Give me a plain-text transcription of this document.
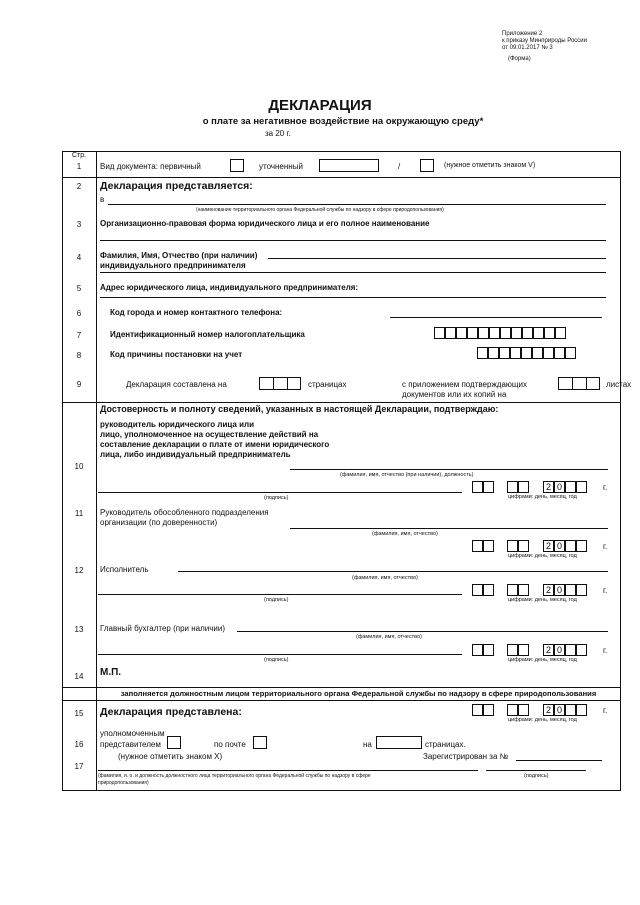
Приложение 2
к приказу Минприроды России
от 09.01.2017 № 3
(Форма)
ДЕКЛАРАЦИЯ
о плате за негативное воздействие на окружающую среду*
за 20 г.
Стр.
1	Вид документа: первичный	уточненный	/	(нужное отметить знаком V)
2	Декларация представляется:
в
(наименование территориального органа Федеральной службы по надзору в сфере природопользования)
3	Организационно-правовая форма юридического лица и его полное наименование
4	Фамилия, Имя, Отчество (при наличии)
индивидуального предпринимателя
5	Адрес юридического лица, индивидуального предпринимателя:
6	Код города и номер контактного телефона:
7	Идентификационный номер налогоплательщика
8	Код причины постановки на учет
9	Декларация составлена на	страницах	с приложением подтверждающих
документов или их копий на
листах
10
Достоверность и полноту сведений, указанных в настоящей Декларации, подтверждаю:
руководитель юридического лица или
лицо, уполномоченное на осуществление действий на
составление декларации о плате от имени юридического
лица, либо индивидуальный предприниматель
(фамилия, имя, отчество (при наличии), должность)
(подпись)
2 0	г.
цифрами: день, месяц, год
11	Руководитель обособленного подразделения
организации (по доверенности)
(фамилия, имя, отчество)
2 0	г.
цифрами: день, месяц, год
12	Исполнитель
(фамилия, имя, отчество)
(подпись)
2 0	г.
цифрами: день, месяц, год
13	Главный бухгалтер (при наличии)
(фамилия, имя, отчество)
(подпись)
2 0	г.
цифрами: день, месяц, год
14	М.П.
заполняется должностным лицом территориального органа Федеральной службы по надзору в сфере природопользования
15	Декларация представлена:	2 0	г.
цифрами: день, месяц, год
16
уполномоченным
представителем	по почте	на	страницах.
(нужное отметить знаком Х)	Зарегистрирован за №
17
(фамилия, и. о. и должность должностного лица территориального органа Федеральной службы по надзору в сфере
природопользования)
(подпись)
